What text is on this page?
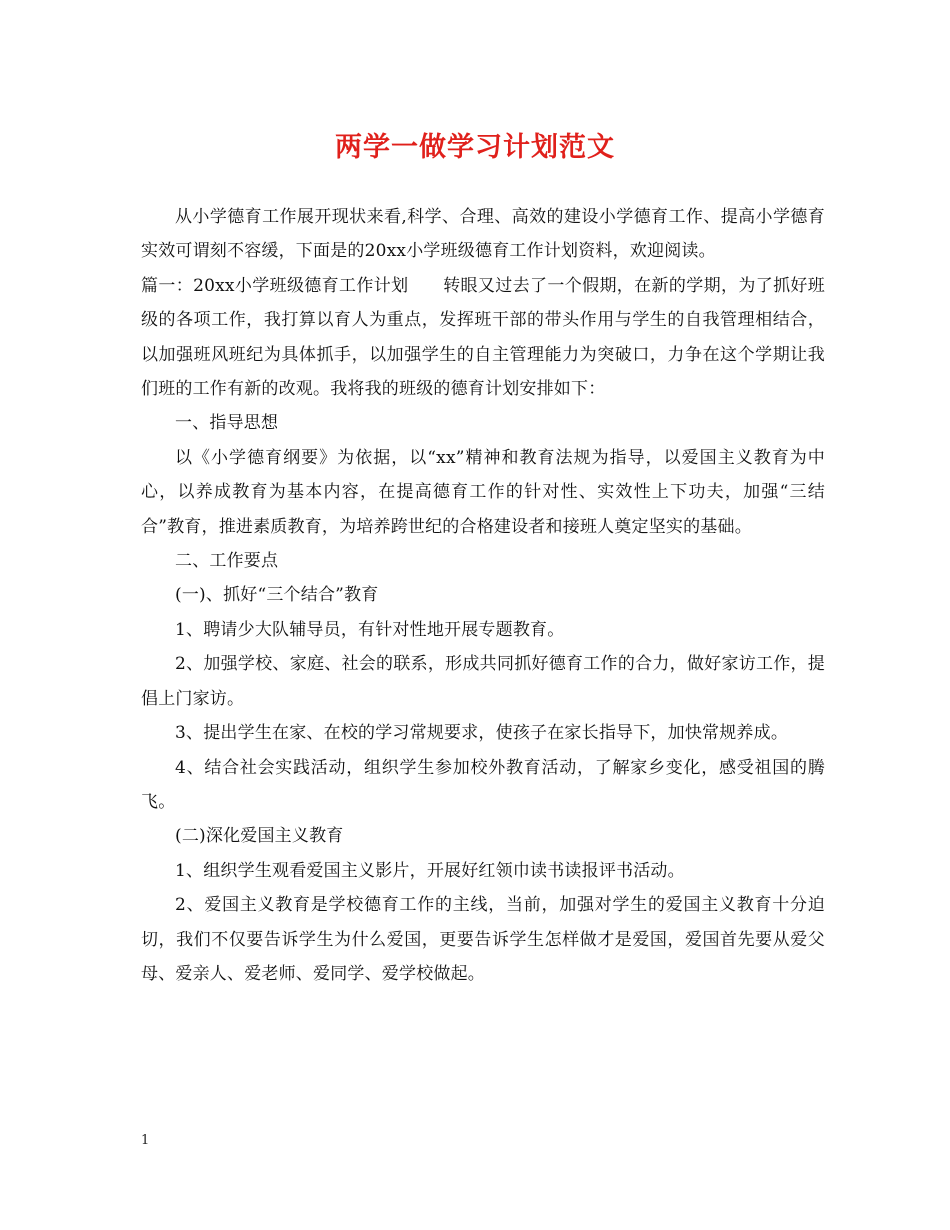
两学一做学习计划范文

从小学德育工作展开现状来看,科学、合理、高效的建设小学德育工作、提高小学德育实效可谓刻不容缓，下面是的20xx小学班级德育工作计划资料，欢迎阅读。

篇一：20xx小学班级德育工作计划　　转眼又过去了一个假期，在新的学期，为了抓好班级的各项工作，我打算以育人为重点，发挥班干部的带头作用与学生的自我管理相结合，以加强班风班纪为具体抓手，以加强学生的自主管理能力为突破口，力争在这个学期让我们班的工作有新的改观。我将我的班级的德育计划安排如下：

一、指导思想

以《小学德育纲要》为依据，以“xx”精神和教育法规为指导，以爱国主义教育为中心，以养成教育为基本内容，在提高德育工作的针对性、实效性上下功夫，加强“三结合”教育，推进素质教育，为培养跨世纪的合格建设者和接班人奠定坚实的基础。

二、工作要点

(一)、抓好“三个结合”教育

1、聘请少大队辅导员，有针对性地开展专题教育。

2、加强学校、家庭、社会的联系，形成共同抓好德育工作的合力，做好家访工作，提倡上门家访。

3、提出学生在家、在校的学习常规要求，使孩子在家长指导下，加快常规养成。

4、结合社会实践活动，组织学生参加校外教育活动，了解家乡变化，感受祖国的腾飞。

(二)深化爱国主义教育

1、组织学生观看爱国主义影片，开展好红领巾读书读报评书活动。

2、爱国主义教育是学校德育工作的主线，当前，加强对学生的爱国主义教育十分迫切，我们不仅要告诉学生为什么爱国，更要告诉学生怎样做才是爱国，爱国首先要从爱父母、爱亲人、爱老师、爱同学、爱学校做起。

1
